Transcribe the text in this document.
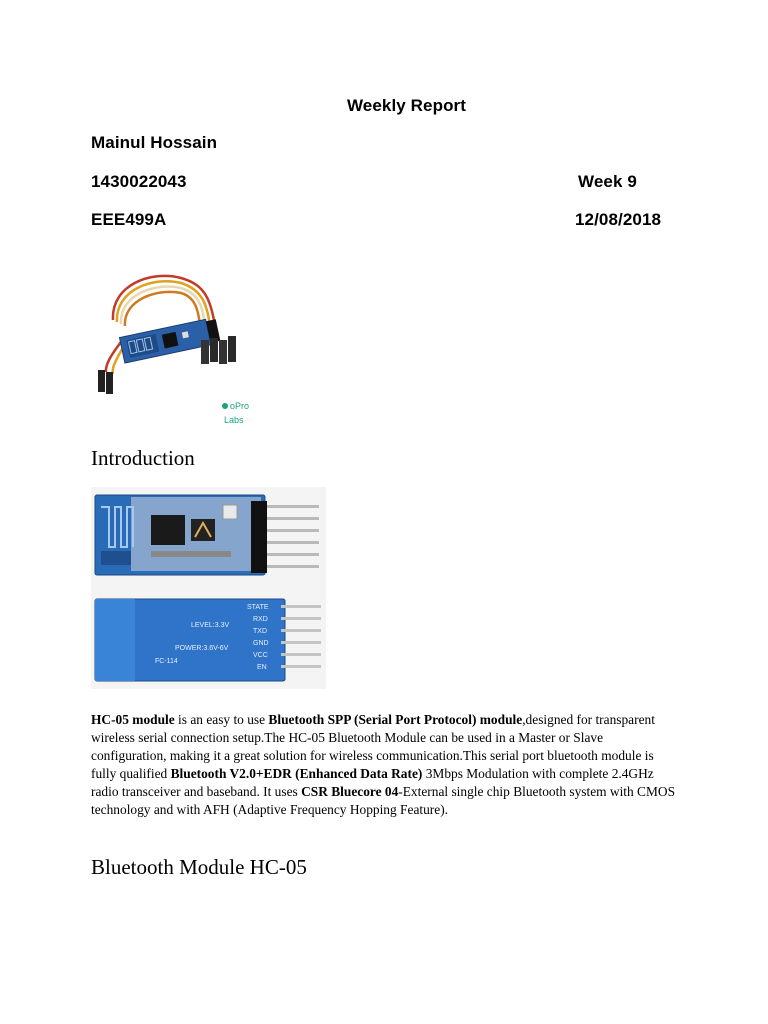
Weekly Report
Mainul Hossain
1430022043	Week 9
EEE499A	12/08/2018
oPro
Labs
Introduction
STATE
RXD
TXD
GND
VCC
EN
LEVEL:3.3V
POWER:3.6V-6V
FC-114

HC-05 module is an easy to use Bluetooth SPP (Serial Port Protocol) module,designed for transparent wireless serial connection setup.The HC-05 Bluetooth Module can be used in a Master or Slave configuration, making it a great solution for wireless communication.This serial port bluetooth module is fully qualified Bluetooth V2.0+EDR (Enhanced Data Rate) 3Mbps Modulation with complete 2.4GHz radio transceiver and baseband. It uses CSR Bluecore 04-External single chip Bluetooth system with CMOS technology and with AFH (Adaptive Frequency Hopping Feature).

Bluetooth Module HC-05
